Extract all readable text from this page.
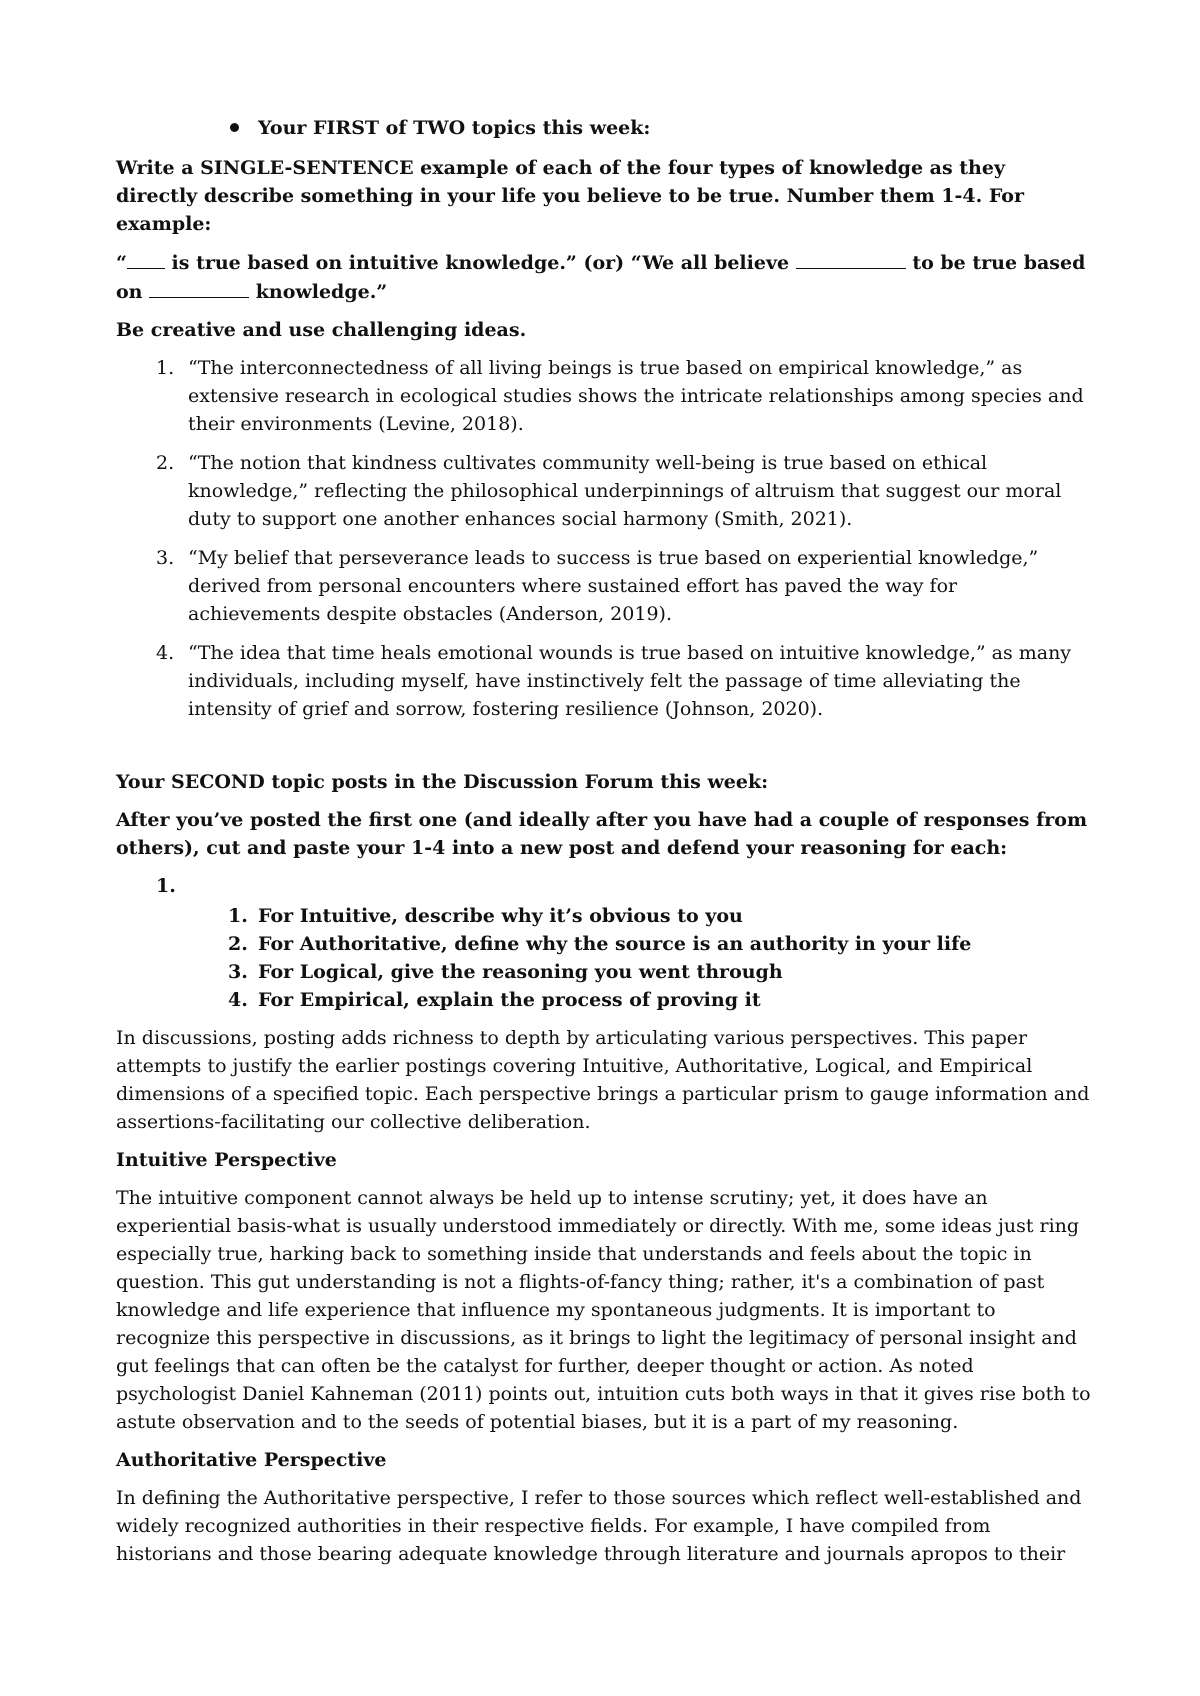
Your FIRST of TWO topics this week:

Write a SINGLE-SENTENCE example of each of the four types of knowledge as they directly describe something in your life you believe to be true. Number them 1-4. For example:

“ is true based on intuitive knowledge.” (or) “We all believe	to be true based on	knowledge.”

Be creative and use challenging ideas.

1. “The interconnectedness of all living beings is true based on empirical knowledge,” as extensive research in ecological studies shows the intricate relationships among species and their environments (Levine, 2018).
2. “The notion that kindness cultivates community well-being is true based on ethical knowledge,” reflecting the philosophical underpinnings of altruism that suggest our moral duty to support one another enhances social harmony (Smith, 2021).
3. “My belief that perseverance leads to success is true based on experiential knowledge,” derived from personal encounters where sustained effort has paved the way for achievements despite obstacles (Anderson, 2019).
4. “The idea that time heals emotional wounds is true based on intuitive knowledge,” as many individuals, including myself, have instinctively felt the passage of time alleviating the intensity of grief and sorrow, fostering resilience (Johnson, 2020).

Your SECOND topic posts in the Discussion Forum this week:

After you’ve posted the first one (and ideally after you have had a couple of responses from others), cut and paste your 1-4 into a new post and defend your reasoning for each:

1.

1. For Intuitive, describe why it’s obvious to you
2. For Authoritative, define why the source is an authority in your life
3. For Logical, give the reasoning you went through
4. For Empirical, explain the process of proving it

In discussions, posting adds richness to depth by articulating various perspectives. This paper attempts to justify the earlier postings covering Intuitive, Authoritative, Logical, and Empirical dimensions of a specified topic. Each perspective brings a particular prism to gauge information and assertions-facilitating our collective deliberation.

Intuitive Perspective

The intuitive component cannot always be held up to intense scrutiny; yet, it does have an experiential basis-what is usually understood immediately or directly. With me, some ideas just ring especially true, harking back to something inside that understands and feels about the topic in question. This gut understanding is not a flights-of-fancy thing; rather, it's a combination of past knowledge and life experience that influence my spontaneous judgments. It is important to recognize this perspective in discussions, as it brings to light the legitimacy of personal insight and gut feelings that can often be the catalyst for further, deeper thought or action. As noted psychologist Daniel Kahneman (2011) points out, intuition cuts both ways in that it gives rise both to astute observation and to the seeds of potential biases, but it is a part of my reasoning.

Authoritative Perspective

In defining the Authoritative perspective, I refer to those sources which reflect well-established and widely recognized authorities in their respective fields. For example, I have compiled from historians and those bearing adequate knowledge through literature and journals apropos to their
